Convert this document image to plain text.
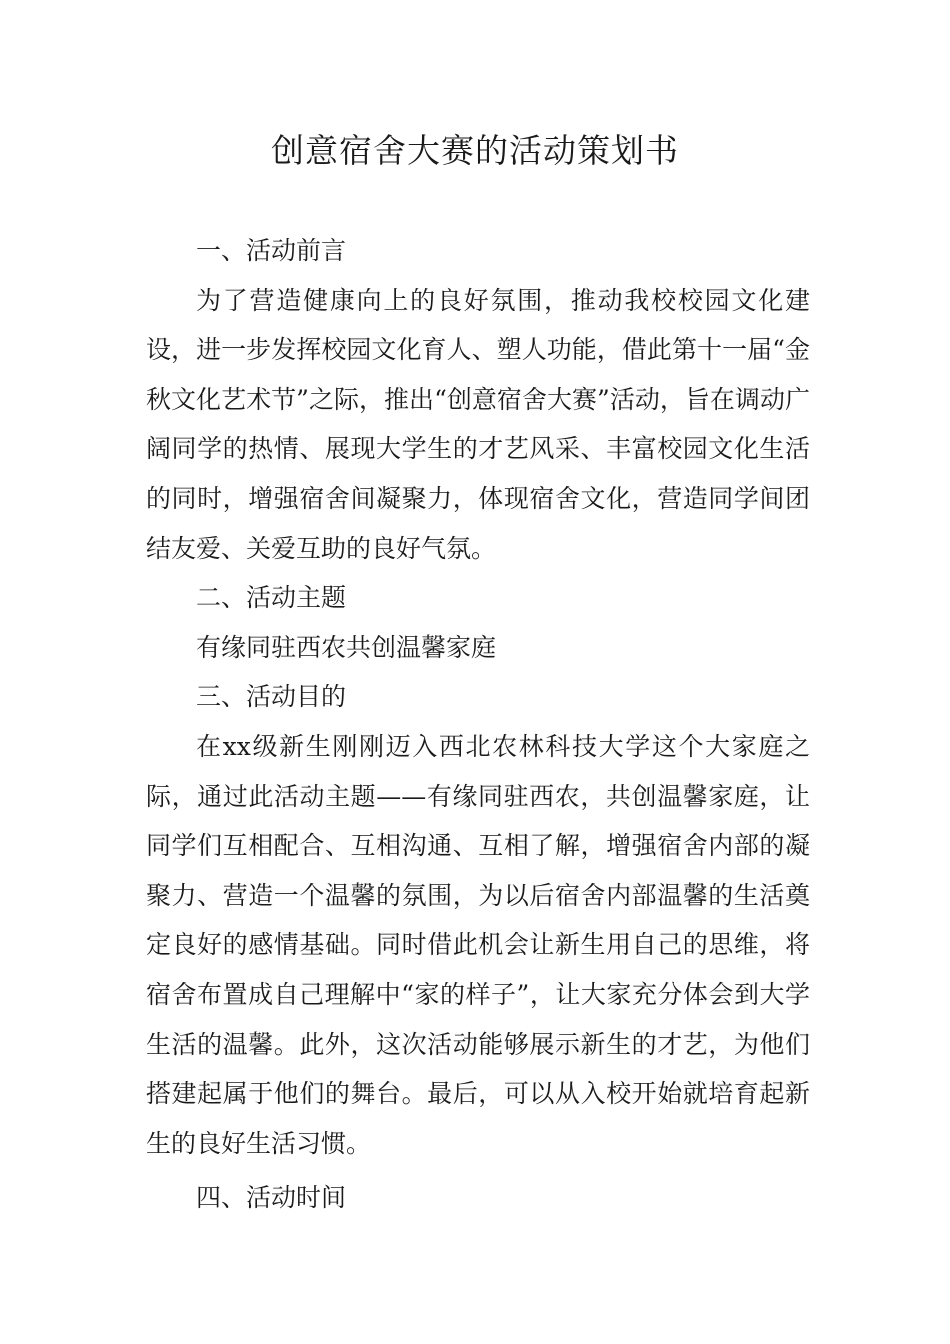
创意宿舍大赛的活动策划书

一、活动前言

为了营造健康向上的良好氛围，推动我校校园文化建设，进一步发挥校园文化育人、塑人功能，借此第十一届“金秋文化艺术节”之际，推出“创意宿舍大赛”活动，旨在调动广阔同学的热情、展现大学生的才艺风采、丰富校园文化生活的同时，增强宿舍间凝聚力，体现宿舍文化，营造同学间团结友爱、关爱互助的良好气氛。

二、活动主题

有缘同驻西农共创温馨家庭

三、活动目的

在xx级新生刚刚迈入西北农林科技大学这个大家庭之际，通过此活动主题——有缘同驻西农，共创温馨家庭，让同学们互相配合、互相沟通、互相了解，增强宿舍内部的凝聚力、营造一个温馨的氛围，为以后宿舍内部温馨的生活奠定良好的感情基础。同时借此机会让新生用自己的思维，将宿舍布置成自己理解中“家的样子”，让大家充分体会到大学生活的温馨。此外，这次活动能够展示新生的才艺，为他们搭建起属于他们的舞台。最后，可以从入校开始就培育起新生的良好生活习惯。

四、活动时间
